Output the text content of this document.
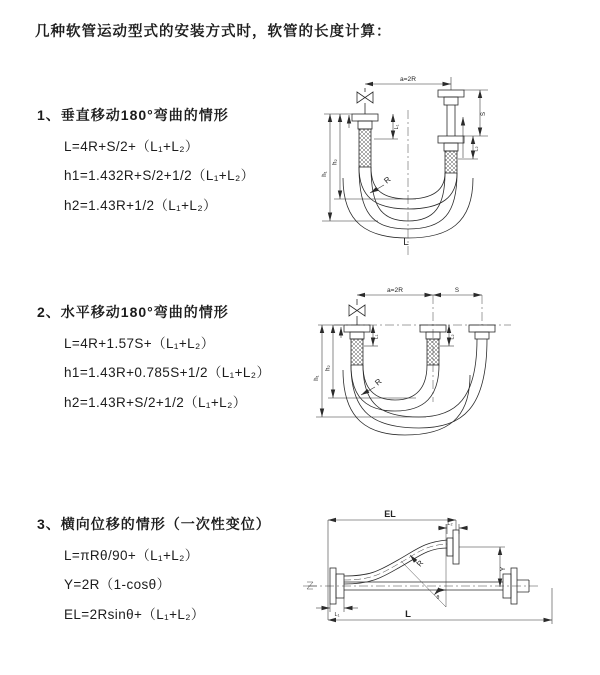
几种软管运动型式的安装方式时，软管的长度计算：
1、垂直移动180°弯曲的情形
L=4R+S/2+（L₁+L₂）
h1=1.432R+S/2+1/2（L₁+L₂）
h2=1.43R+1/2（L₁+L₂）
2、水平移动180°弯曲的情形
L=4R+1.57S+（L₁+L₂）
h1=1.43R+0.785S+1/2（L₁+L₂）
h2=1.43R+S/2+1/2（L₁+L₂）
3、横向位移的情形（一次性变位）
L=πRθ/90+（L₁+L₂）
Y=2R（1-cosθ）
EL=2Rsinθ+（L₁+L₂）
a=2R
h₁
h₂
L₁
S
L₂
R
L
a=2R	S
h₁
h₂
L₁	L₂
R
EL
θ
L₂
Y
R
L₁	L
